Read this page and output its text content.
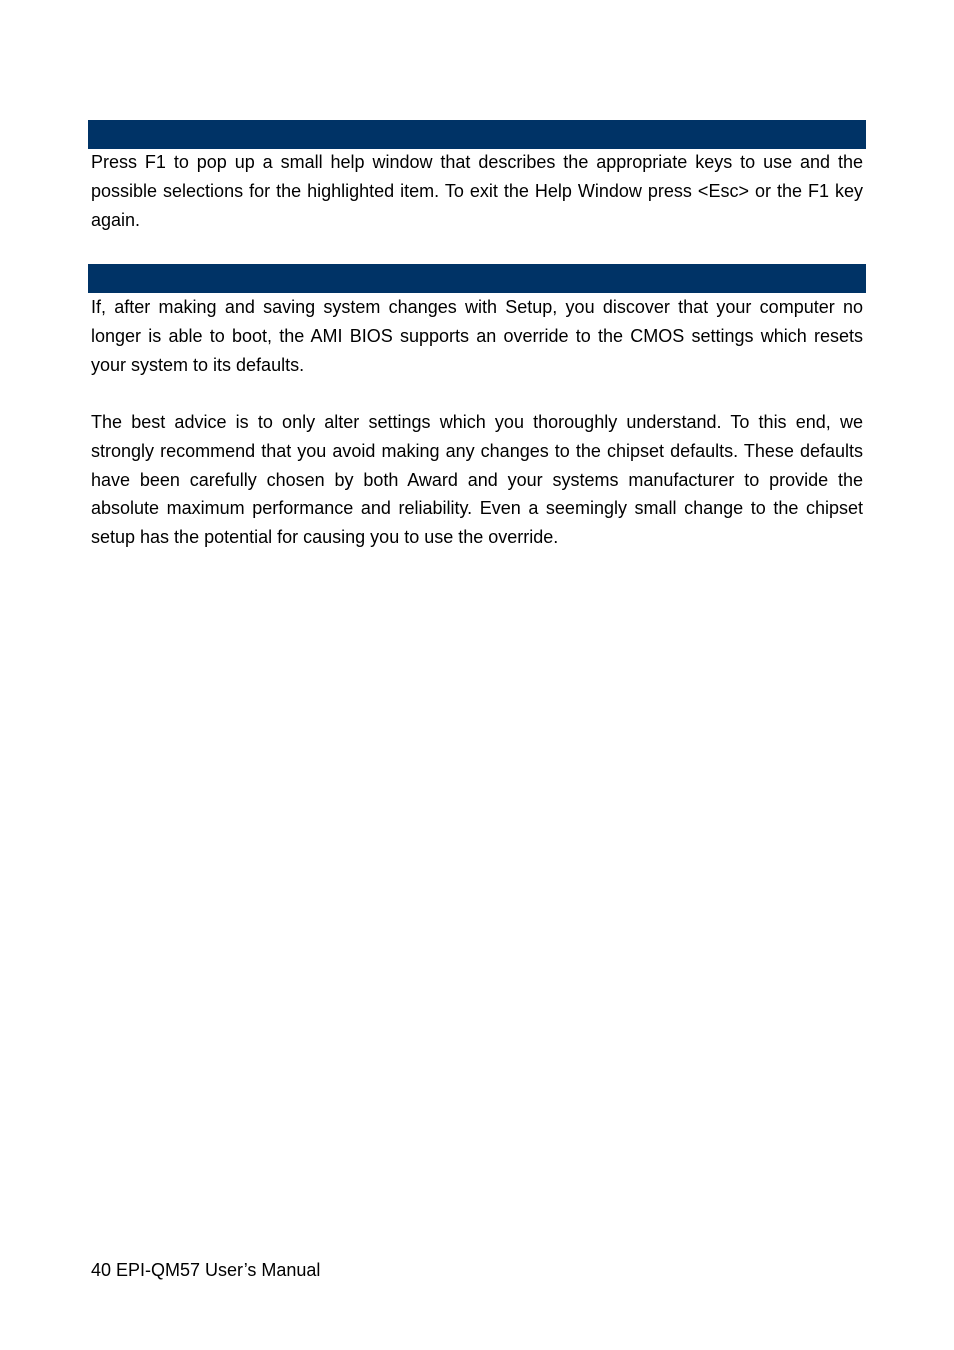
Press F1 to pop up a small help window that describes the appropriate keys to use and the possible selections for the highlighted item. To exit the Help Window press <Esc> or the F1 key again.

If, after making and saving system changes with Setup, you discover that your computer no longer is able to boot, the AMI BIOS supports an override to the CMOS settings which resets your system to its defaults.

The best advice is to only alter settings which you thoroughly understand. To this end, we strongly recommend that you avoid making any changes to the chipset defaults. These defaults have been carefully chosen by both Award and your systems manufacturer to provide the absolute maximum performance and reliability. Even a seemingly small change to the chipset setup has the potential for causing you to use the override.

40 EPI-QM57 User’s Manual
